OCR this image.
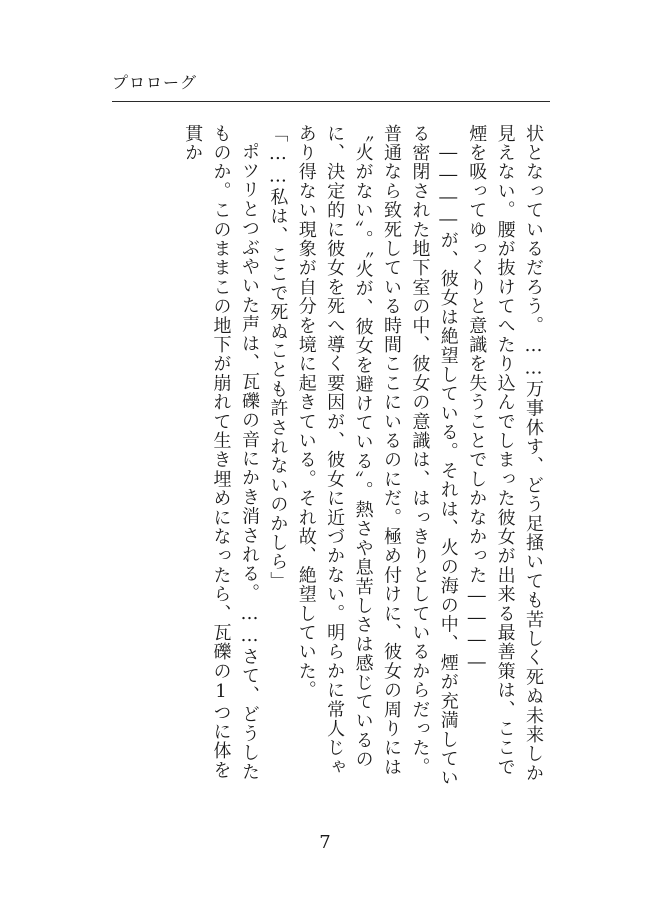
プロローグ

状となっているだろう。……万事休す、どう足掻いても苦しく死ぬ未来しか見えない。腰が抜けてへたり込んでしまった彼女が出来る最善策は、ここで煙を吸ってゆっくりと意識を失うことでしかなかった――――

――――が、彼女は絶望している。それは、火の海の中、煙が充満している密閉された地下室の中、彼女の意識は、はっきりとしているからだった。普通なら致死している時間ここにいるのにだ。極め付けに、彼女の周りには〝火がない〟。〝火が、彼女を避けている〟。熱さや息苦しさは感じているのに、決定的に彼女を死へ導く要因が、彼女に近づかない。明らかに常人じゃあり得ない現象が自分を境に起きている。それ故、絶望していた。

「……私は、ここで死ぬことも許されないのかしら」

ポツリとつぶやいた声は、瓦礫の音にかき消される。……さて、どうしたものか。このままこの地下が崩れて生き埋めになったら、瓦礫の1つに体を貫か

7
